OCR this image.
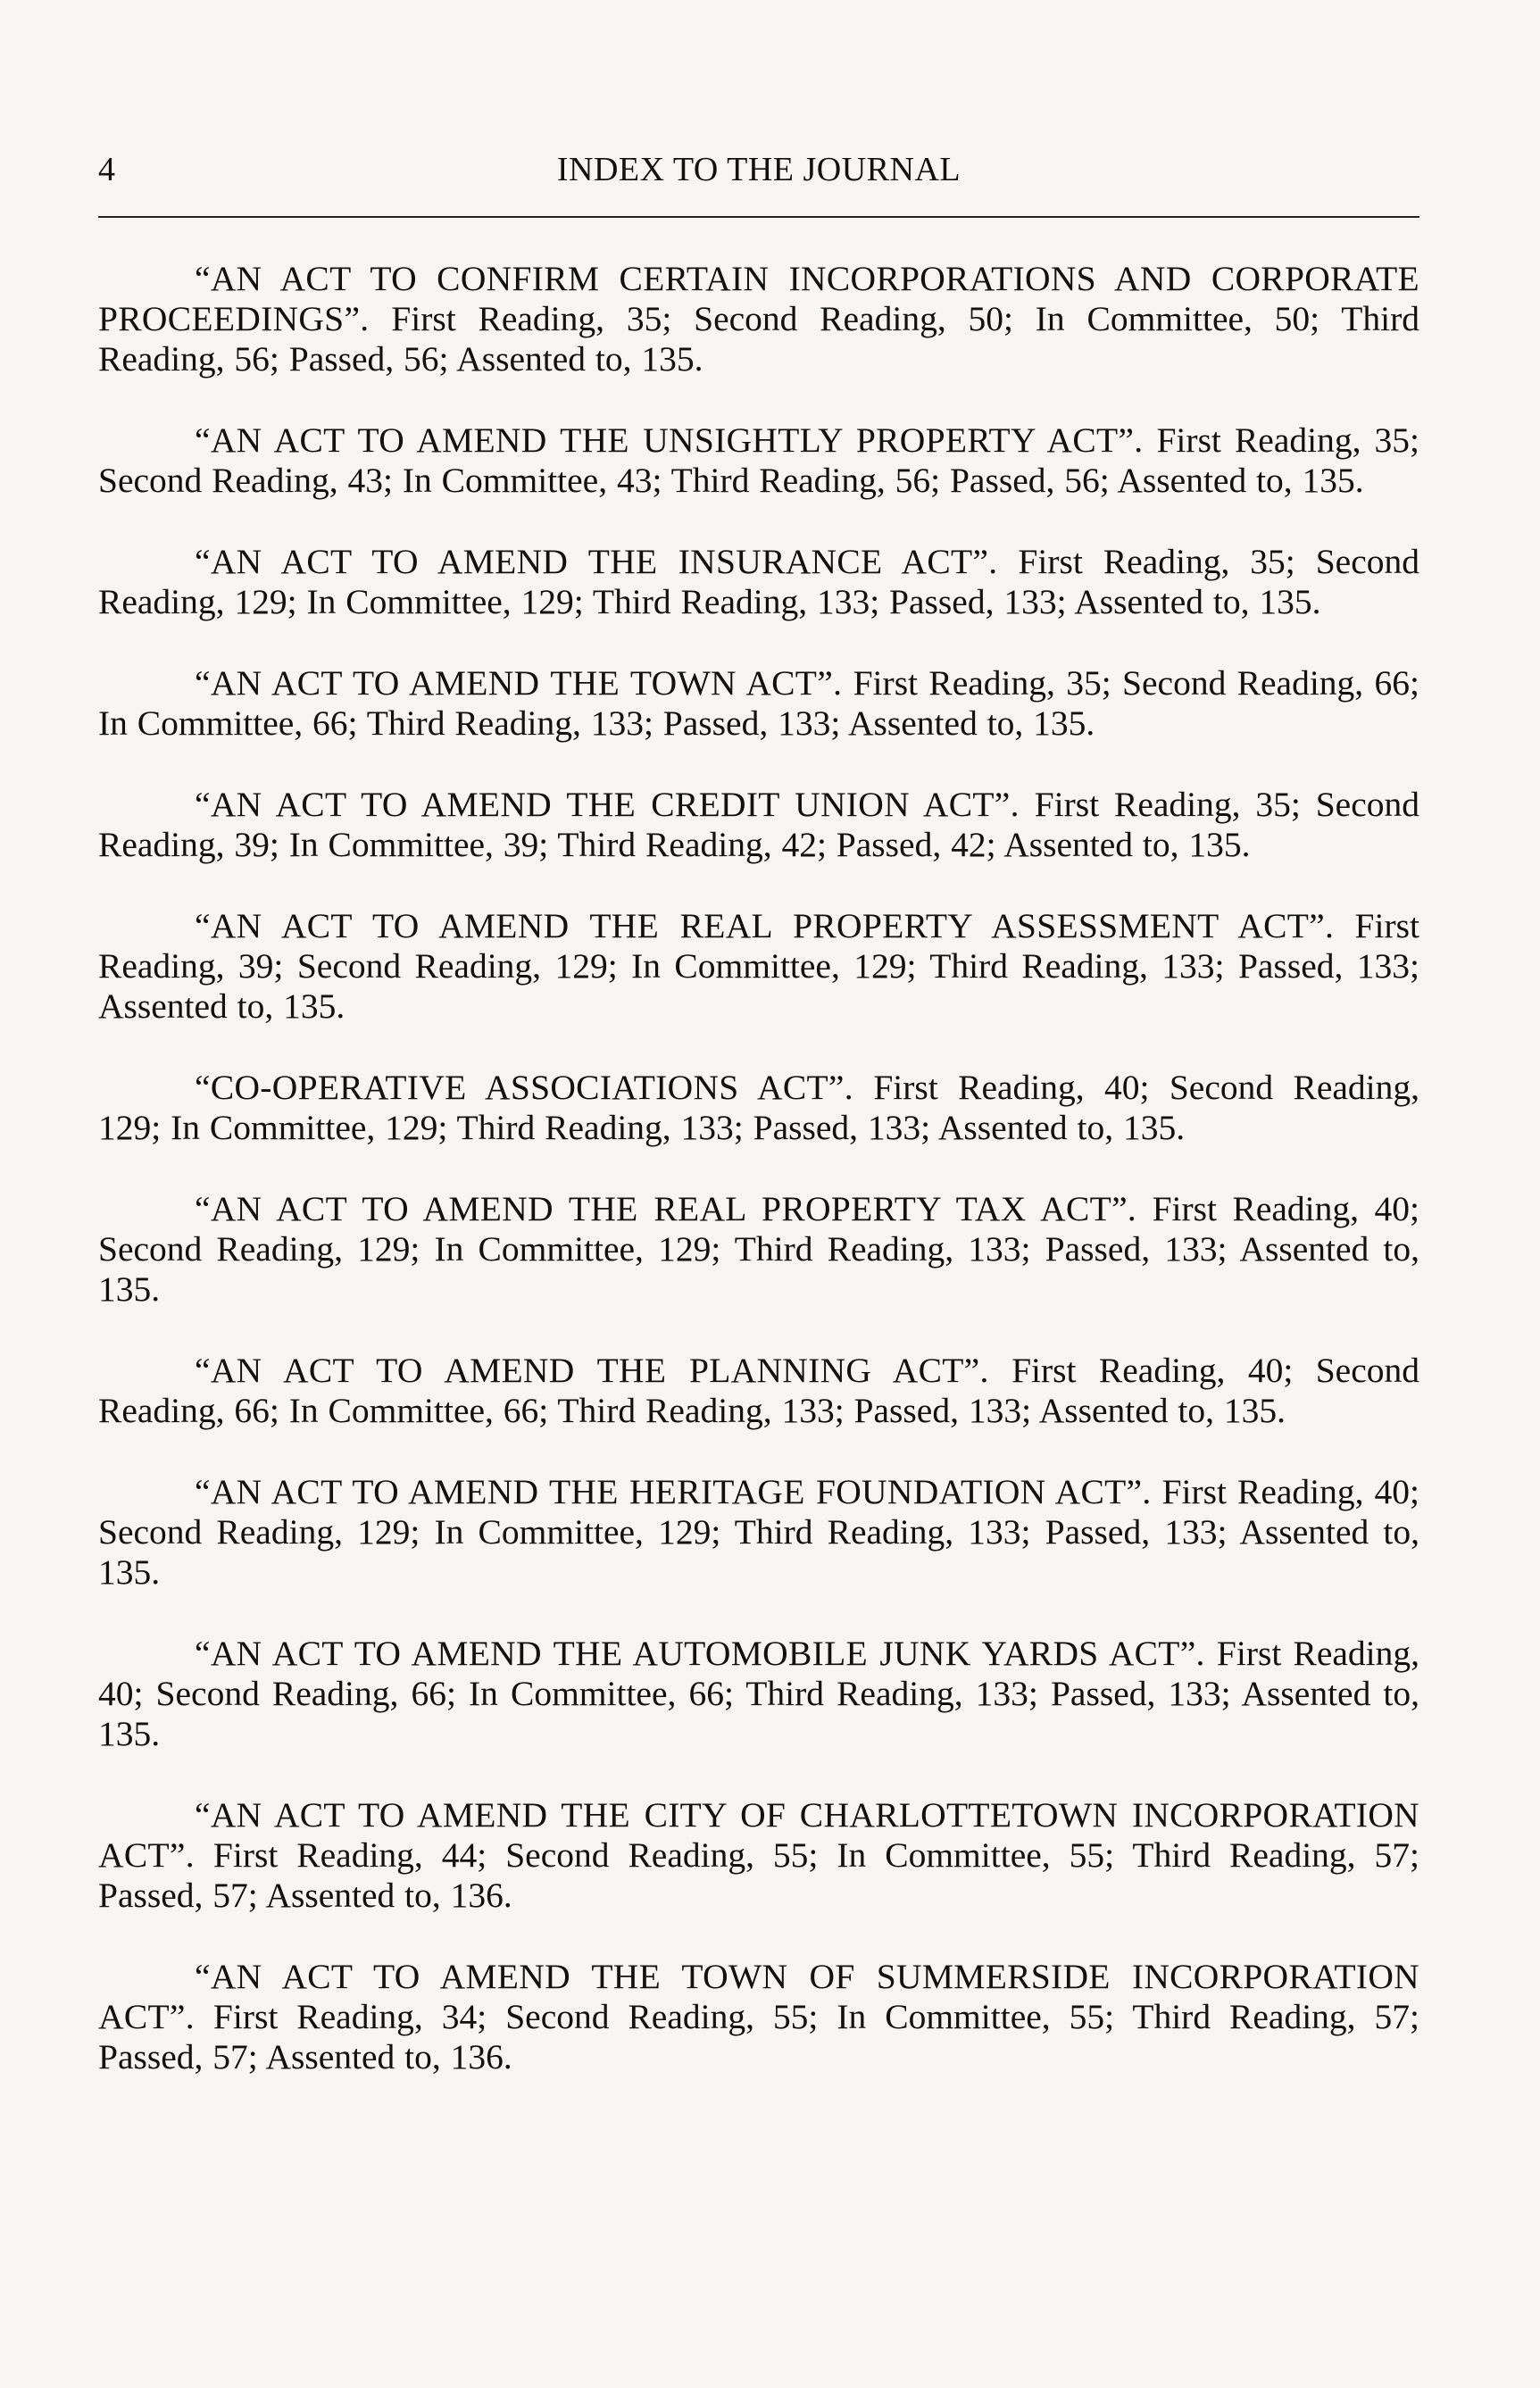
4	INDEX TO THE JOURNAL

“AN ACT TO CONFIRM CERTAIN INCORPORATIONS AND CORPORATE PROCEEDINGS”. First Reading, 35; Second Reading, 50; In Committee, 50; Third Reading, 56; Passed, 56; Assented to, 135.

“AN ACT TO AMEND THE UNSIGHTLY PROPERTY ACT”. First Reading, 35; Second Reading, 43; In Committee, 43; Third Reading, 56; Passed, 56; Assented to, 135.

“AN ACT TO AMEND THE INSURANCE ACT”. First Reading, 35; Second Reading, 129; In Committee, 129; Third Reading, 133; Passed, 133; Assented to, 135.

“AN ACT TO AMEND THE TOWN ACT”. First Reading, 35; Second Reading, 66; In Committee, 66; Third Reading, 133; Passed, 133; Assented to, 135.

“AN ACT TO AMEND THE CREDIT UNION ACT”. First Reading, 35; Second Reading, 39; In Committee, 39; Third Reading, 42; Passed, 42; Assented to, 135.

“AN ACT TO AMEND THE REAL PROPERTY ASSESSMENT ACT”. First Reading, 39; Second Reading, 129; In Committee, 129; Third Reading, 133; Passed, 133; Assented to, 135.

“CO-OPERATIVE ASSOCIATIONS ACT”. First Reading, 40; Second Reading, 129; In Committee, 129; Third Reading, 133; Passed, 133; Assented to, 135.

“AN ACT TO AMEND THE REAL PROPERTY TAX ACT”. First Reading, 40; Second Reading, 129; In Committee, 129; Third Reading, 133; Passed, 133; Assented to, 135.

“AN ACT TO AMEND THE PLANNING ACT”. First Reading, 40; Second Reading, 66; In Committee, 66; Third Reading, 133; Passed, 133; Assented to, 135.

“AN ACT TO AMEND THE HERITAGE FOUNDATION ACT”. First Reading, 40; Second Reading, 129; In Committee, 129; Third Reading, 133; Passed, 133; Assented to, 135.

“AN ACT TO AMEND THE AUTOMOBILE JUNK YARDS ACT”. First Reading, 40; Second Reading, 66; In Committee, 66; Third Reading, 133; Passed, 133; Assented to, 135.

“AN ACT TO AMEND THE CITY OF CHARLOTTETOWN INCORPORATION ACT”. First Reading, 44; Second Reading, 55; In Committee, 55; Third Reading, 57; Passed, 57; Assented to, 136.

“AN ACT TO AMEND THE TOWN OF SUMMERSIDE INCORPORATION ACT”. First Reading, 34; Second Reading, 55; In Committee, 55; Third Reading, 57; Passed, 57; Assented to, 136.
